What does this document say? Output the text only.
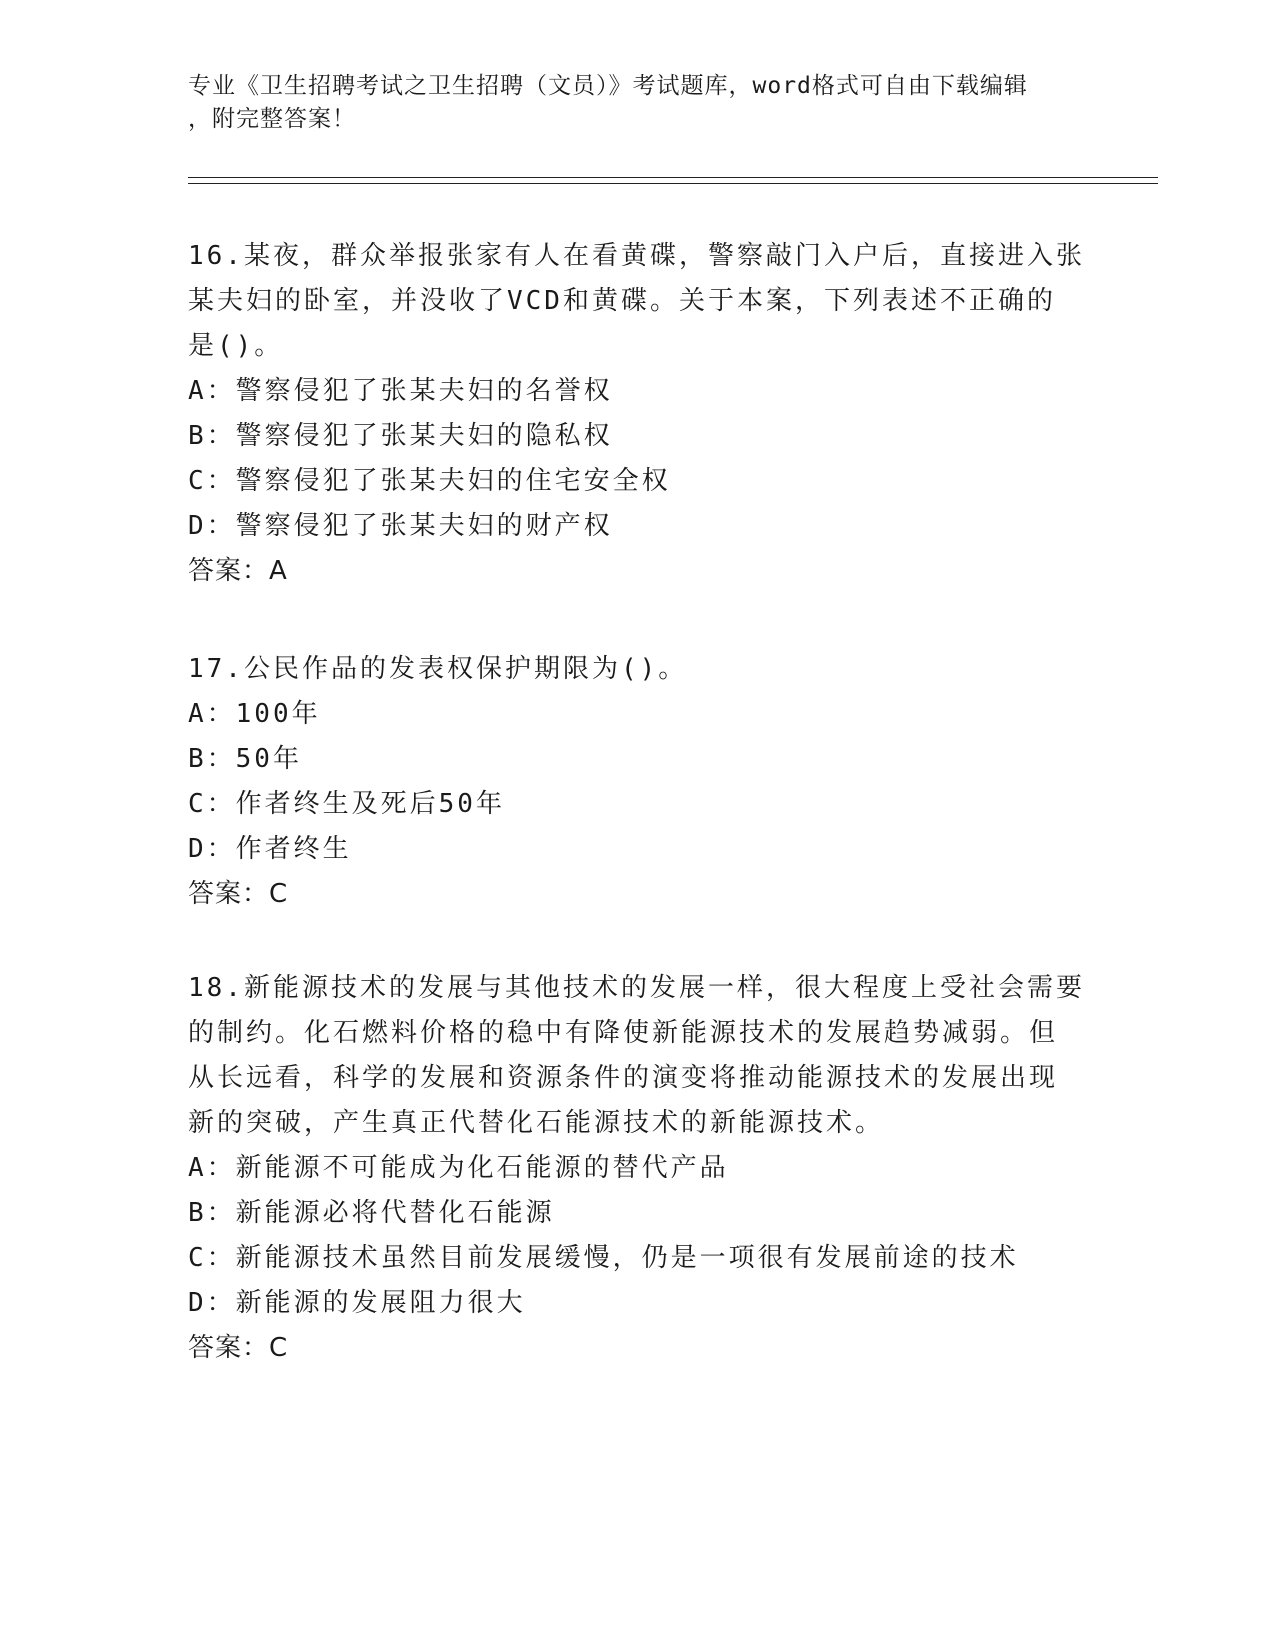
专业《卫生招聘考试之卫生招聘（文员）》考试题库，word格式可自由下载编辑
，附完整答案！
16.某夜，群众举报张家有人在看黄碟，警察敲门入户后，直接进入张
某夫妇的卧室，并没收了VCD和黄碟。关于本案，下列表述不正确的
是()。
A：警察侵犯了张某夫妇的名誉权
B：警察侵犯了张某夫妇的隐私权
C：警察侵犯了张某夫妇的住宅安全权
D：警察侵犯了张某夫妇的财产权
答案：A
17.公民作品的发表权保护期限为()。
A：100年
B：50年
C：作者终生及死后50年
D：作者终生
答案：C
18.新能源技术的发展与其他技术的发展一样，很大程度上受社会需要
的制约。化石燃料价格的稳中有降使新能源技术的发展趋势减弱。但
从长远看，科学的发展和资源条件的演变将推动能源技术的发展出现
新的突破，产生真正代替化石能源技术的新能源技术。
A：新能源不可能成为化石能源的替代产品
B：新能源必将代替化石能源
C：新能源技术虽然目前发展缓慢，仍是一项很有发展前途的技术
D：新能源的发展阻力很大
答案：C
